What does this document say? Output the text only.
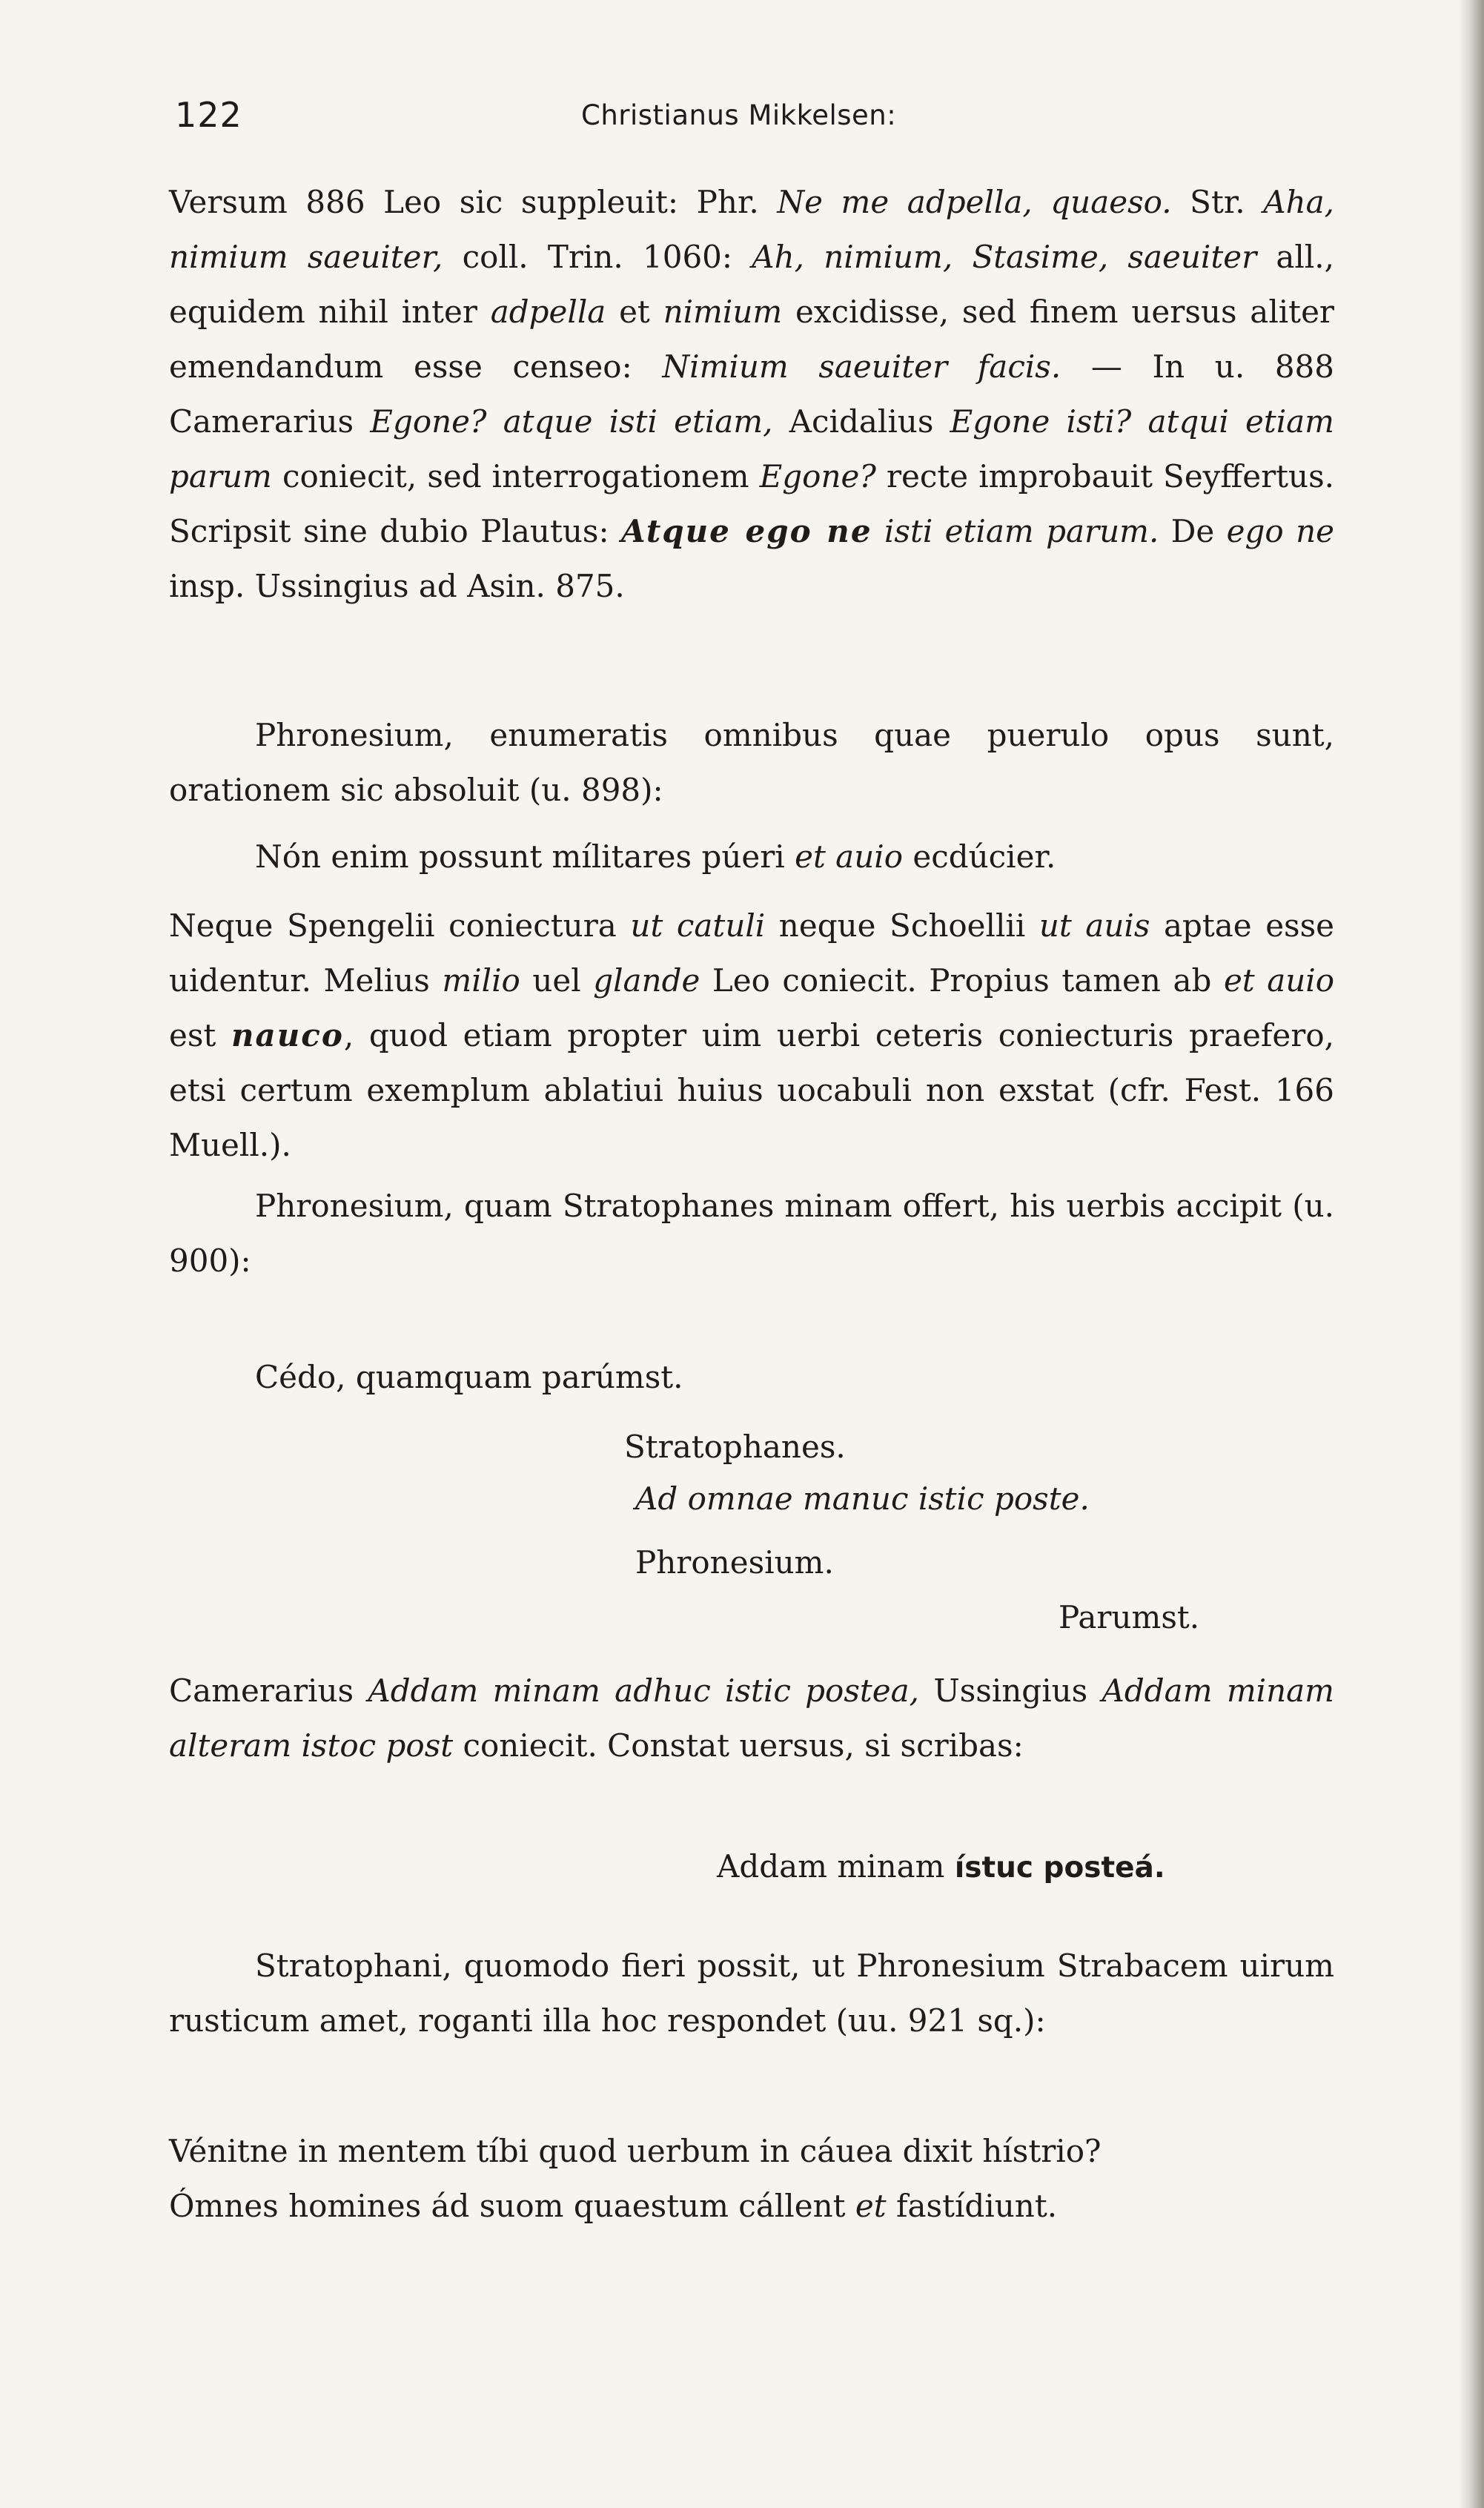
122	Christianus Mikkelsen:

Versum 886 Leo sic suppleuit: Phr. Ne me adpella, quaeso. Str. Aha, nimium saeuiter, coll. Trin. 1060: Ah, nimium, Stasime, saeuiter all., equidem nihil inter adpella et nimium excidisse, sed finem uersus aliter emendandum esse censeo: Nimium saeuiter facis. — In u. 888 Camerarius Egone? atque isti etiam, Acidalius Egone isti? atqui etiam parum coniecit, sed interrogationem Egone? recte improbauit Seyffertus. Scripsit sine dubio Plautus: Atque ego ne isti etiam parum. De ego ne insp. Ussingius ad Asin. 875.

Phronesium, enumeratis omnibus quae puerulo opus sunt, orationem sic absoluit (u. 898):

Nón enim possunt mílitares púeri et auio ecdúcier.

Neque Spengelii coniectura ut catuli neque Schoellii ut auis aptae esse uidentur. Melius milio uel glande Leo coniecit. Propius tamen ab et auio est nauco, quod etiam propter uim uerbi ceteris coniecturis praefero, etsi certum exemplum ablatiui huius uocabuli non exstat (cfr. Fest. 166 Muell.).

Phronesium, quam Stratophanes minam offert, his uerbis accipit (u. 900):

Cédo, quamquam parúmst.

Stratophanes.

Ad omnae manuc istic poste.

Phronesium.

Parumst.

Camerarius Addam minam adhuc istic postea, Ussingius Addam minam alteram istoc post coniecit. Constat uersus, si scribas:

Addam minam ístuc posteá.

Stratophani, quomodo fieri possit, ut Phronesium Strabacem uirum rusticum amet, roganti illa hoc respondet (uu. 921 sq.):

Vénitne in mentem tíbi quod uerbum in cáuea dixit hístrio?

Ómnes homines ád suom quaestum cállent et fastídiunt.
